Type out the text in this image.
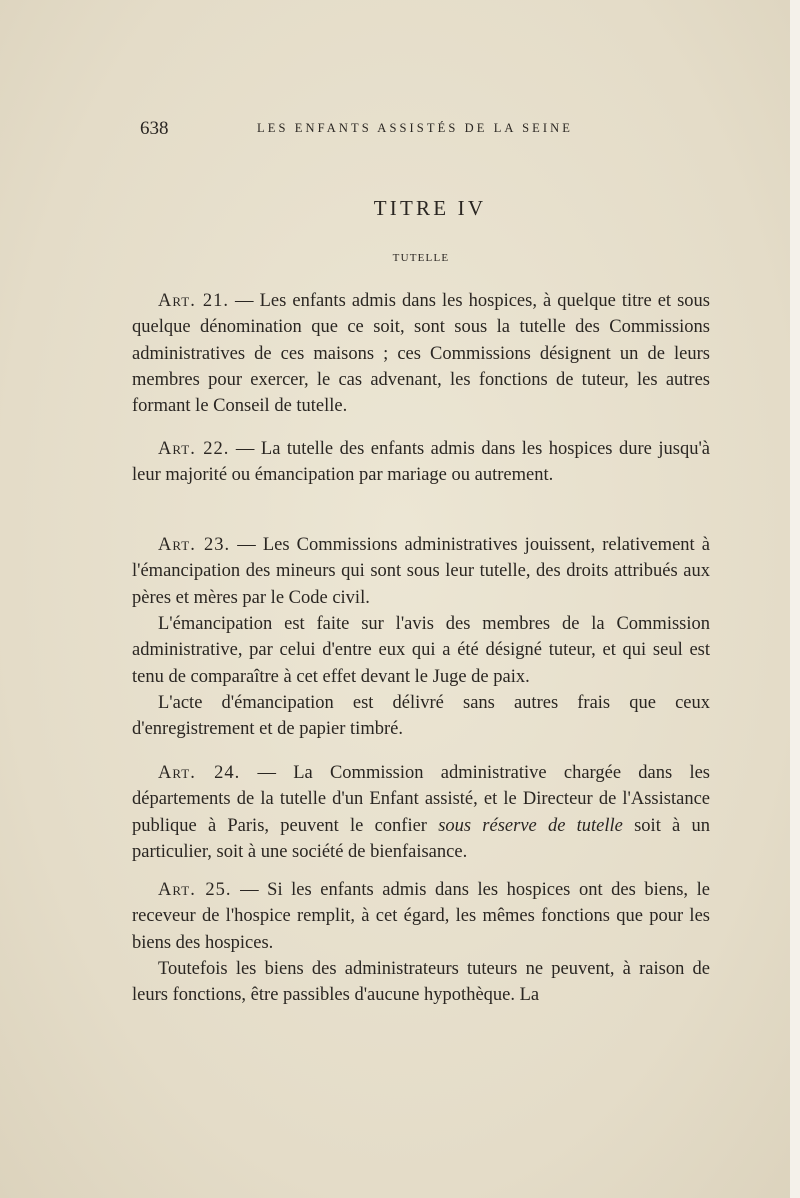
638	LES ENFANTS ASSISTÉS DE LA SEINE
TITRE IV
TUTELLE

Art. 21. — Les enfants admis dans les hospices, à quelque titre et sous quelque dénomination que ce soit, sont sous la tutelle des Commissions administratives de ces maisons ; ces Commissions désignent un de leurs membres pour exercer, le cas advenant, les fonctions de tuteur, les autres formant le Conseil de tutelle.

Art. 22. — La tutelle des enfants admis dans les hospices dure jusqu'à leur majorité ou émancipation par mariage ou autrement.

Art. 23. — Les Commissions administratives jouissent, relativement à l'émancipation des mineurs qui sont sous leur tutelle, des droits attribués aux pères et mères par le Code civil.

L'émancipation est faite sur l'avis des membres de la Commission administrative, par celui d'entre eux qui a été désigné tuteur, et qui seul est tenu de comparaître à cet effet devant le Juge de paix.

L'acte d'émancipation est délivré sans autres frais que ceux d'enregistrement et de papier timbré.

Art. 24. — La Commission administrative chargée dans les départements de la tutelle d'un Enfant assisté, et le Directeur de l'Assistance publique à Paris, peuvent le confier sous réserve de tutelle soit à un particulier, soit à une société de bienfaisance.

Art. 25. — Si les enfants admis dans les hospices ont des biens, le receveur de l'hospice remplit, à cet égard, les mêmes fonctions que pour les biens des hospices.

Toutefois les biens des administrateurs tuteurs ne peuvent, à raison de leurs fonctions, être passibles d'aucune hypothèque. La
